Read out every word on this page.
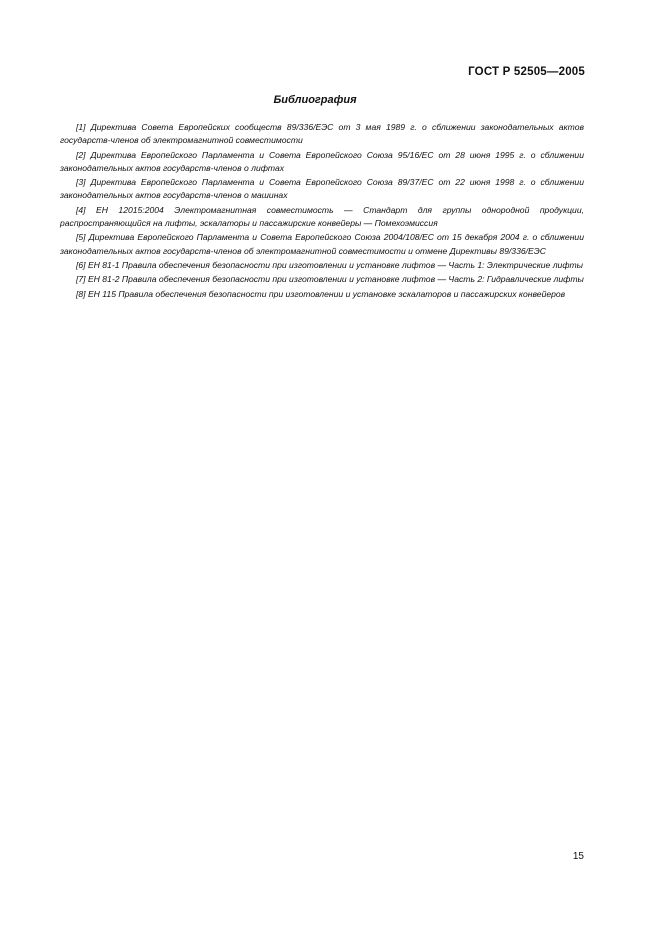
ГОСТ Р 52505—2005
Библиография

[1] Директива Совета Европейских сообществ 89/336/ЕЭС от 3 мая 1989 г. о сближении законодательных актов государств-членов об электромагнитной совместимости

[2] Директива Европейского Парламента и Совета Европейского Союза 95/16/ЕС от 28 июня 1995 г. о сближении законодательных актов государств-членов о лифтах

[3] Директива Европейского Парламента и Совета Европейского Союза 89/37/ЕС от 22 июня 1998 г. о сближении законодательных актов государств-членов о машинах

[4] ЕН 12015:2004 Электромагнитная совместимость — Стандарт для группы однородной продукции, распространяющийся на лифты, эскалаторы и пассажирские конвейеры — Помехоэмиссия

[5] Директива Европейского Парламента и Совета Европейского Союза 2004/108/ЕС от 15 декабря 2004 г. о сближении законодательных актов государств-членов об электромагнитной совместимости и отмене Директивы 89/336/ЕЭС

[6] ЕН 81-1 Правила обеспечения безопасности при изготовлении и установке лифтов — Часть 1: Электрические лифты

[7] ЕН 81-2 Правила обеспечения безопасности при изготовлении и установке лифтов — Часть 2: Гидравлические лифты

[8] ЕН 115 Правила обеспечения безопасности при изготовлении и установке эскалаторов и пассажирских конвейеров

15
